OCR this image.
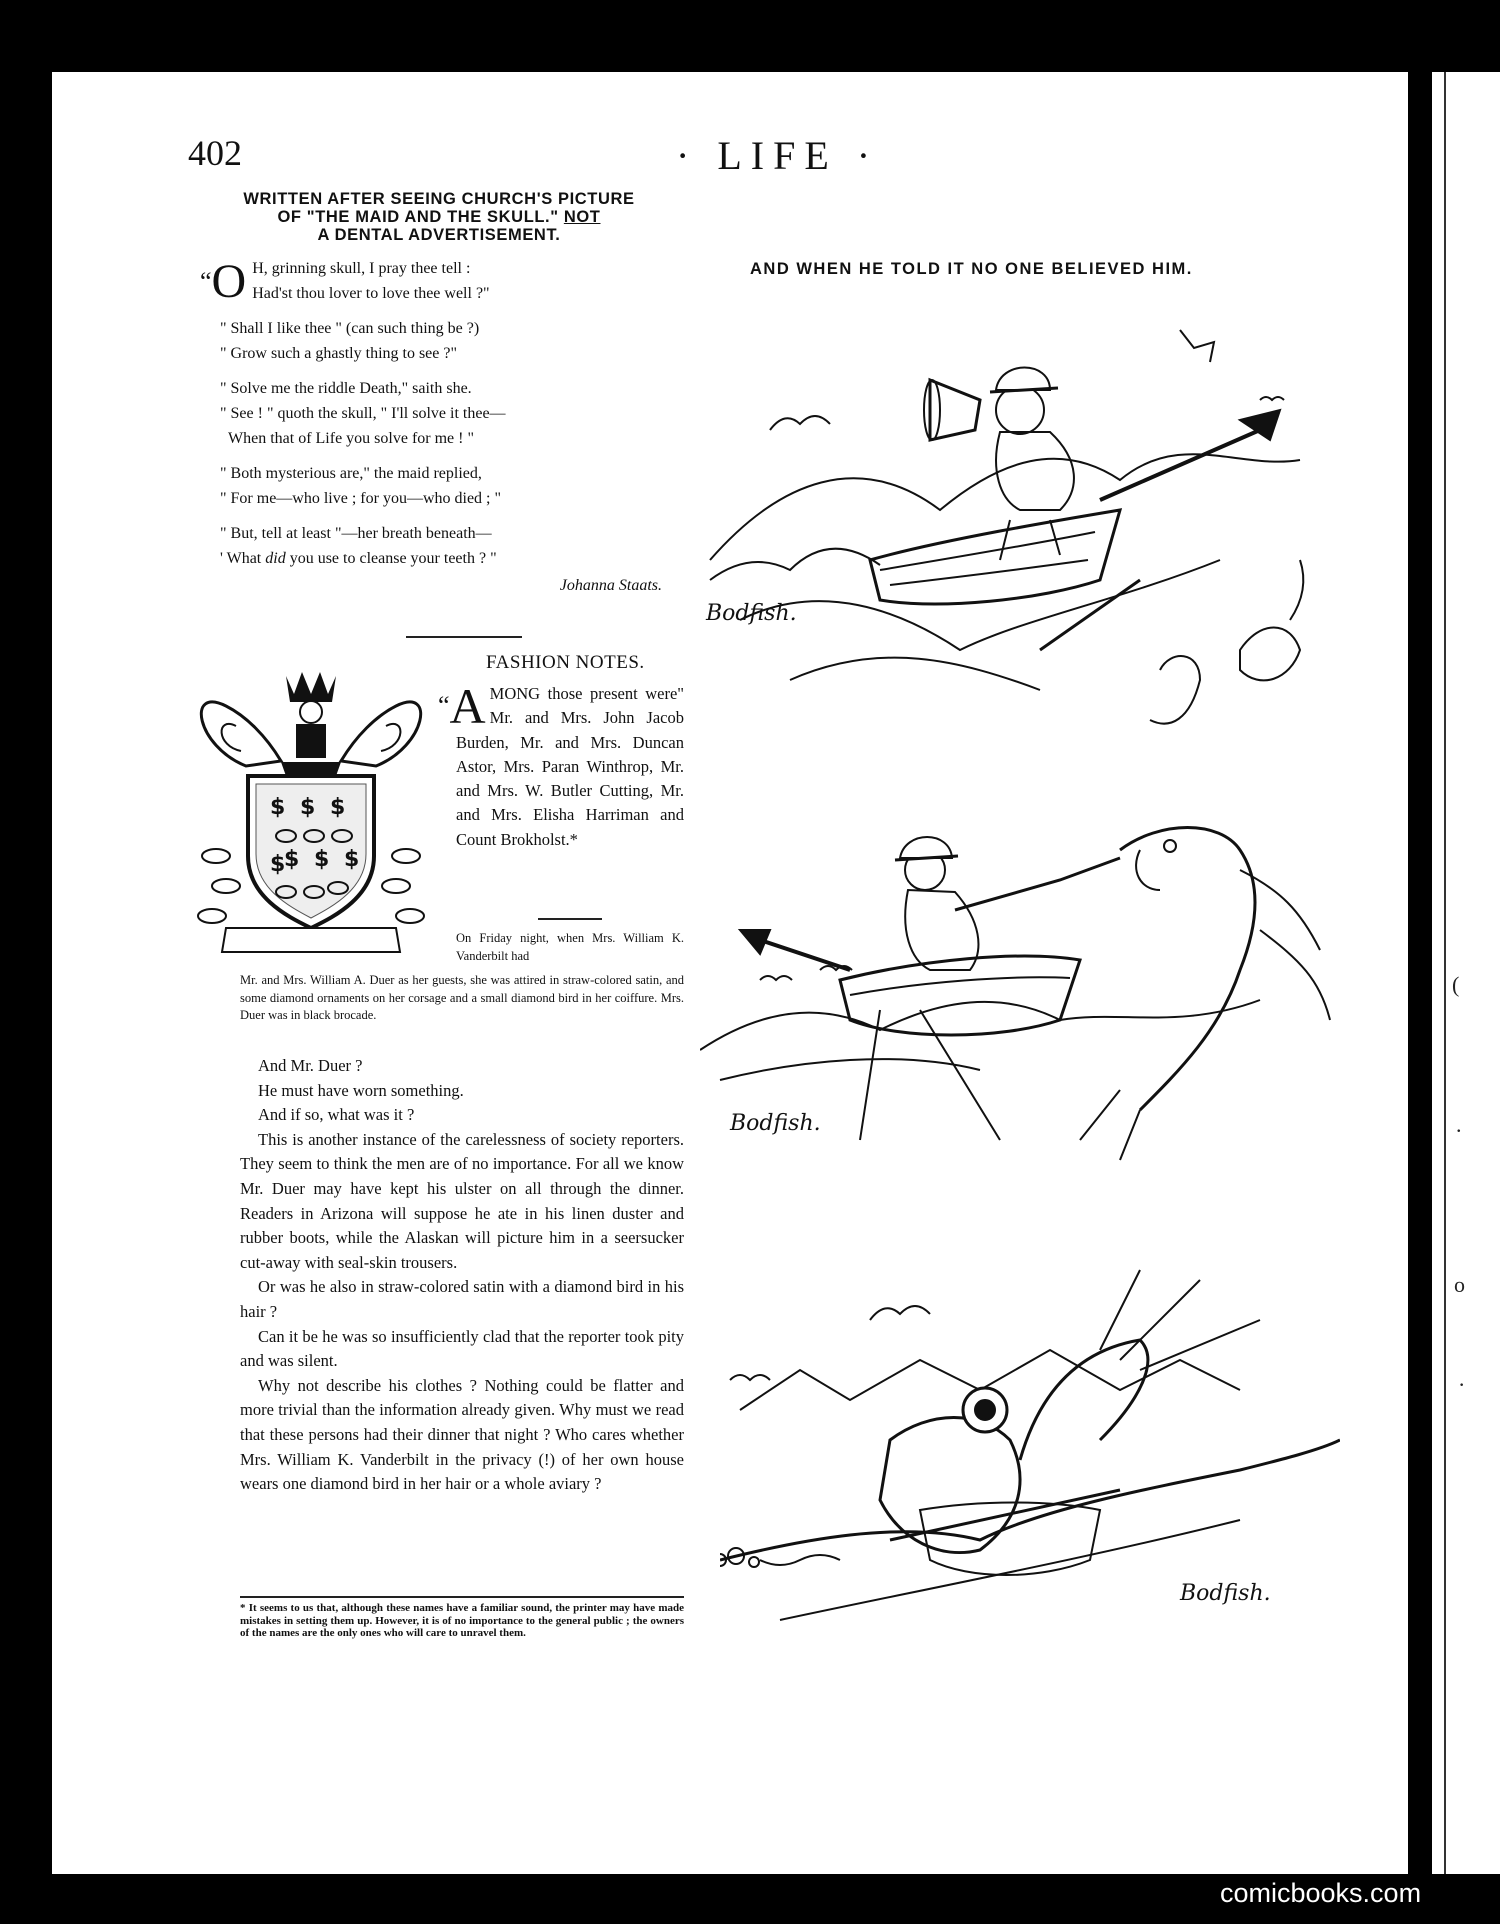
(
.
o
·
402	· LIFE ·
WRITTEN AFTER SEEING CHURCH'S PICTURE
OF "THE MAID AND THE SKULL." NOT
A DENTAL ADVERTISEMENT.
“O H, grinning skull, I pray thee tell :
Had'st thou lover to love thee well ?"
" Shall I like thee " (can such thing be ?)
" Grow such a ghastly thing to see ?"
" Solve me the riddle Death," saith she.
" See ! " quoth the skull, " I'll solve it thee—
When that of Life you solve for me ! "
" Both mysterious are," the maid replied,
" For me—who live ; for you—who died ; "
" But, tell at least "—her breath beneath—
' What did you use to cleanse your teeth ? "
Johanna Staats.
FASHION NOTES.
$ $ $
$ $ $
$
“A MONG those present were" Mr. and Mrs. John Jacob Burden, Mr. and Mrs. Duncan Astor, Mrs. Paran Winthrop, Mr. and Mrs. W. Butler Cutting, Mr. and Mrs. Elisha Harriman and Count Brokholst.*
On Friday night, when Mrs. William K. Vanderbilt had
Mr. and Mrs. William A. Duer as her guests, she was attired in straw-colored satin, and some diamond ornaments on her corsage and a small diamond bird in her coiffure. Mrs. Duer was in black brocade.

And Mr. Duer ?

He must have worn something.

And if so, what was it ?

This is another instance of the carelessness of society reporters. They seem to think the men are of no importance. For all we know Mr. Duer may have kept his ulster on all through the dinner. Readers in Arizona will suppose he ate in his linen duster and rubber boots, while the Alaskan will picture him in a seersucker cut-away with seal-skin trousers.

Or was he also in straw-colored satin with a diamond bird in his hair ?

Can it be he was so insufficiently clad that the reporter took pity and was silent.

Why not describe his clothes ? Nothing could be flatter and more trivial than the information already given. Why must we read that these persons had their dinner that night ? Who cares whether Mrs. William K. Vanderbilt in the privacy (!) of her own house wears one diamond bird in her hair or a whole aviary ?

* It seems to us that, although these names have a familiar sound, the printer may have made mistakes in setting them up. However, it is of no importance to the general public ; the owners of the names are the only ones who will care to unravel them.
AND WHEN HE TOLD IT NO ONE BELIEVED HIM.
Bodfish.
Bodfish.
Bodfish.
comicbooks.com
